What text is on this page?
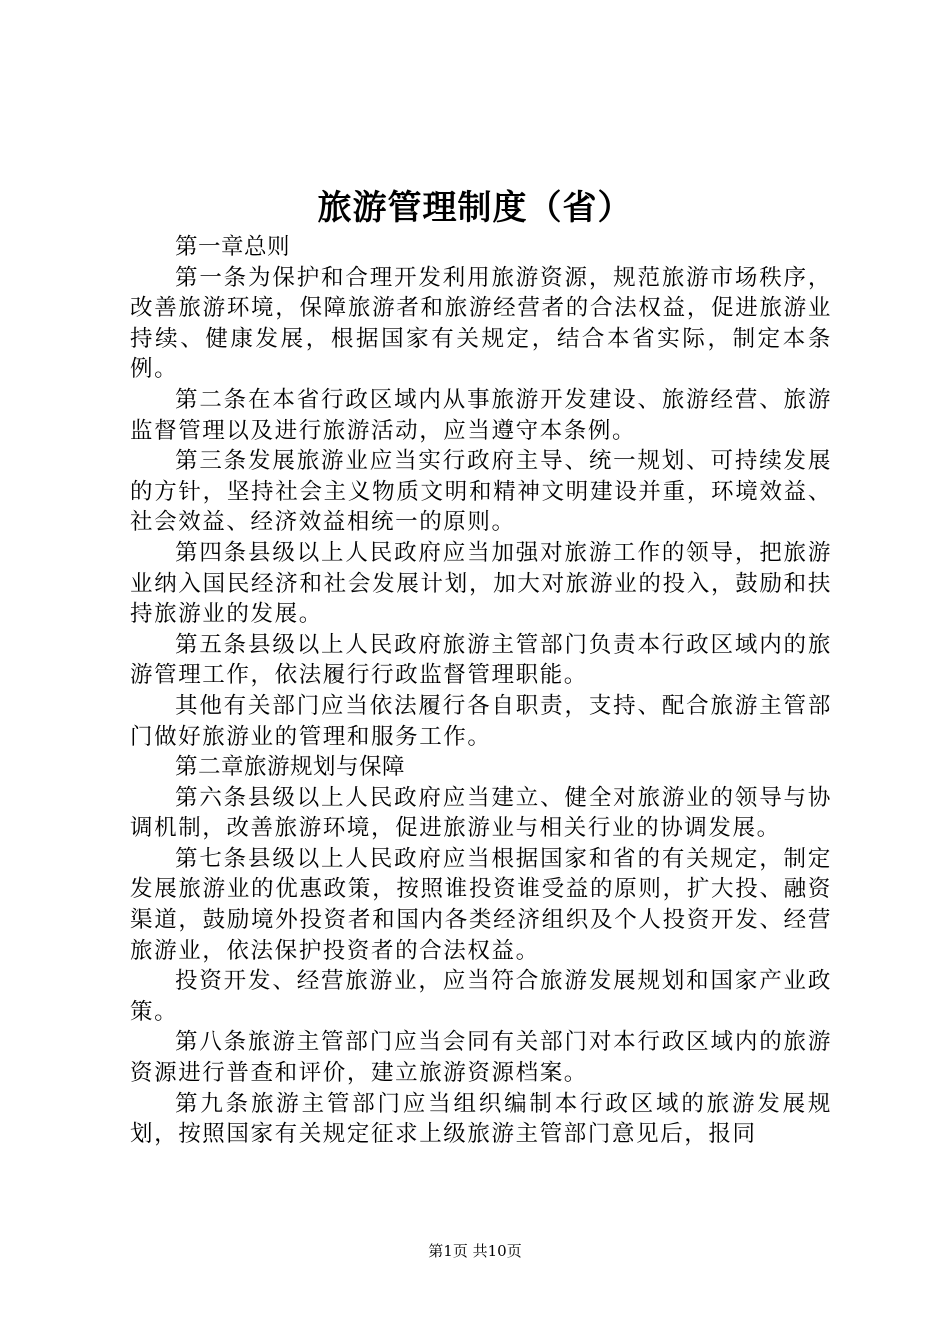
旅游管理制度（省）

第一章总则

第一条为保护和合理开发利用旅游资源，规范旅游市场秩序，改善旅游环境，保障旅游者和旅游经营者的合法权益，促进旅游业持续、健康发展，根据国家有关规定，结合本省实际，制定本条例。

第二条在本省行政区域内从事旅游开发建设、旅游经营、旅游监督管理以及进行旅游活动，应当遵守本条例。

第三条发展旅游业应当实行政府主导、统一规划、可持续发展的方针，坚持社会主义物质文明和精神文明建设并重，环境效益、社会效益、经济效益相统一的原则。

第四条县级以上人民政府应当加强对旅游工作的领导，把旅游业纳入国民经济和社会发展计划，加大对旅游业的投入，鼓励和扶持旅游业的发展。

第五条县级以上人民政府旅游主管部门负责本行政区域内的旅游管理工作，依法履行行政监督管理职能。

其他有关部门应当依法履行各自职责，支持、配合旅游主管部门做好旅游业的管理和服务工作。

第二章旅游规划与保障

第六条县级以上人民政府应当建立、健全对旅游业的领导与协调机制，改善旅游环境，促进旅游业与相关行业的协调发展。

第七条县级以上人民政府应当根据国家和省的有关规定，制定发展旅游业的优惠政策，按照谁投资谁受益的原则，扩大投、融资渠道，鼓励境外投资者和国内各类经济组织及个人投资开发、经营旅游业，依法保护投资者的合法权益。

投资开发、经营旅游业，应当符合旅游发展规划和国家产业政策。

第八条旅游主管部门应当会同有关部门对本行政区域内的旅游资源进行普查和评价，建立旅游资源档案。

第九条旅游主管部门应当组织编制本行政区域的旅游发展规划，按照国家有关规定征求上级旅游主管部门意见后，报同

第1页 共10页
